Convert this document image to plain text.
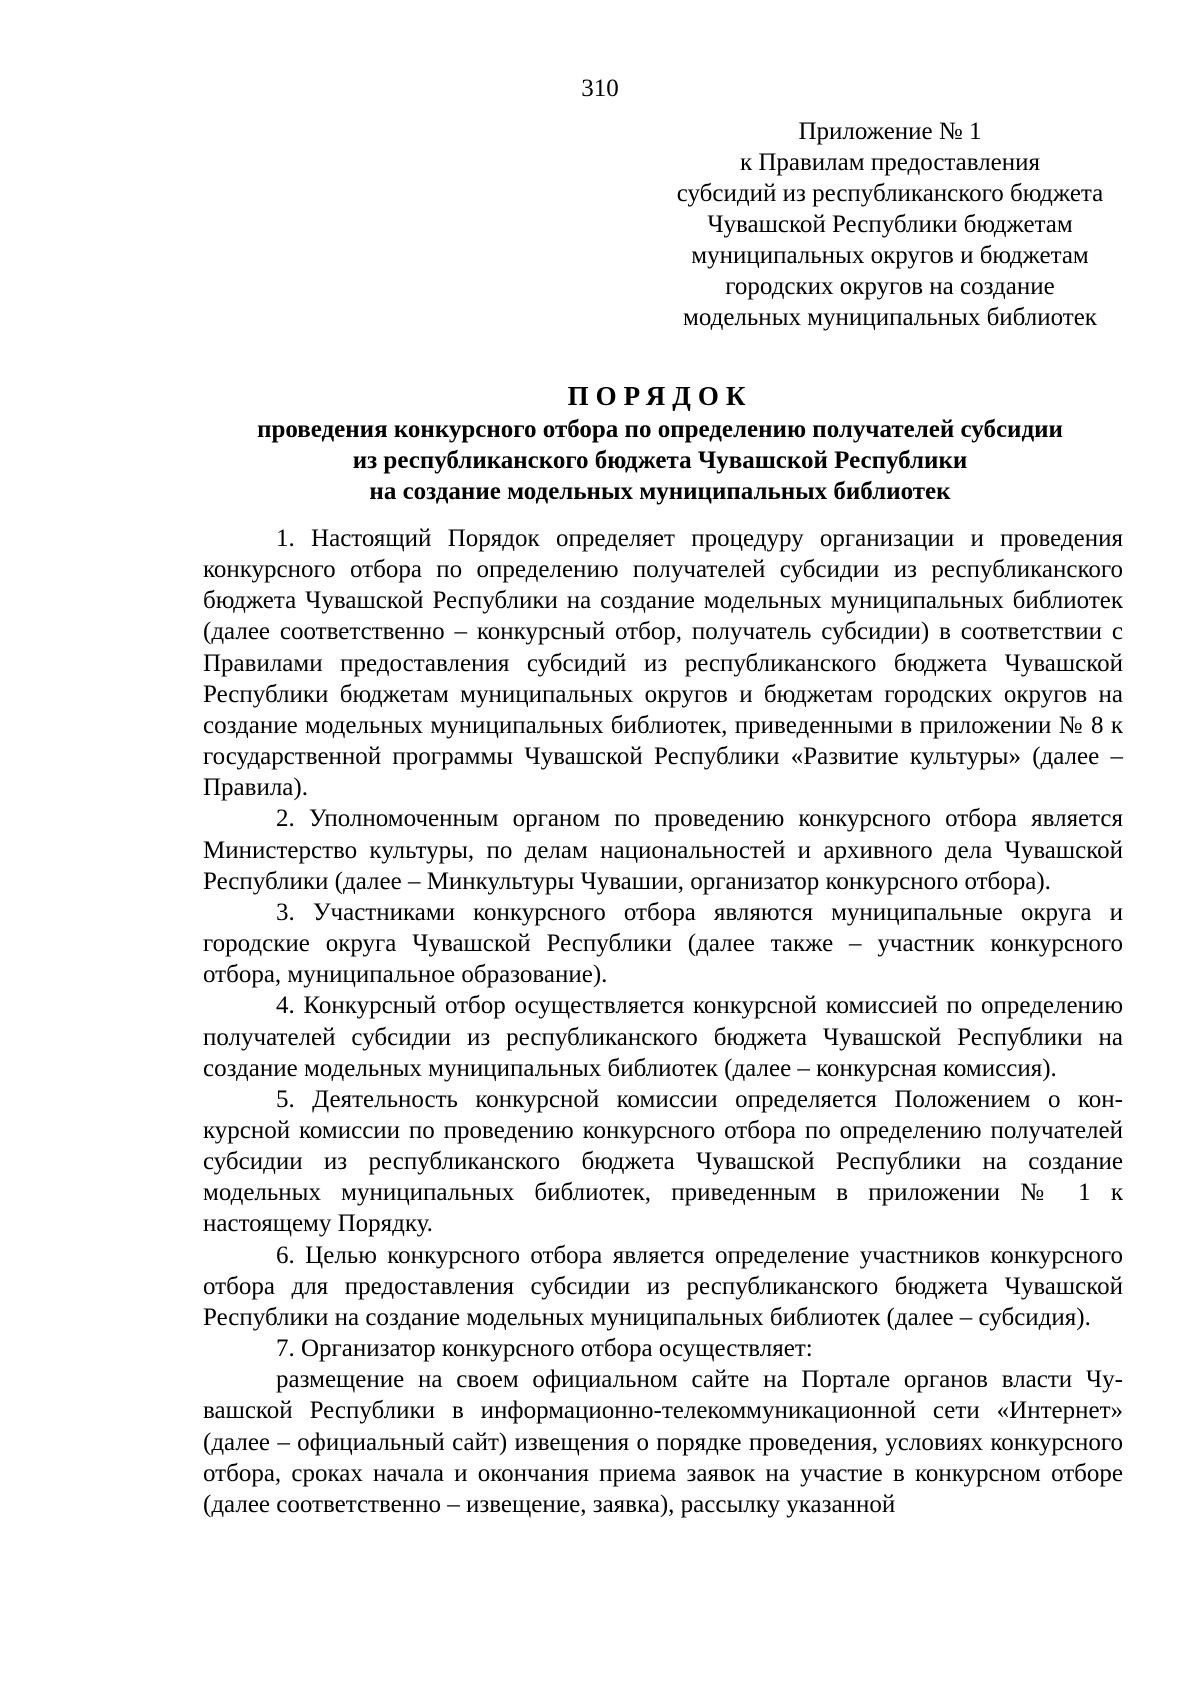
310
Приложение № 1
к Правилам предоставления
субсидий из республиканского бюджета
Чувашской Республики бюджетам
муниципальных округов и бюджетам
городских округов на создание
модельных муниципальных библиотек
ПОРЯДОК
проведения конкурсного отбора по определению получателей субсидии
из республиканского бюджета Чувашской Республики
на создание модельных муниципальных библиотек

1. Настоящий Порядок определяет процедуру организации и проведения конкурсного отбора по определению получателей субсидии из республиканского бюджета Чувашской Республики на создание модельных муниципальных библиотек (далее соответственно – конкурсный отбор, получатель субсидии) в соответствии с Правилами предоставления субсидий из республиканского бюджета Чувашской Республики бюджетам муниципальных округов и бюджетам городских округов на создание модельных муниципальных библиотек, приведенными в приложении № 8 к государственной программы Чувашской Республики «Развитие культуры» (далее – Правила).

2. Уполномоченным органом по проведению конкурсного отбора является Министерство культуры, по делам национальностей и архивного дела Чувашской Республики (далее – Минкультуры Чувашии, организатор конкурсного отбора).

3. Участниками конкурсного отбора являются муниципальные округа и городские округа Чувашской Республики (далее также – участник конкурсного отбора, муниципальное образование).

4. Конкурсный отбор осуществляется конкурсной комиссией по определению получателей субсидии из республиканского бюджета Чувашской Республики на создание модельных муниципальных библиотек (далее – конкурсная комиссия).

5. Деятельность конкурсной комиссии определяется Положением о конкурсной комиссии по проведению конкурсного отбора по определению получателей субсидии из республиканского бюджета Чувашской Республики на создание модельных муниципальных библиотек, приведенным в приложении № 1 к настоящему Порядку.

6. Целью конкурсного отбора является определение участников конкурсного отбора для предоставления субсидии из республиканского бюджета Чувашской Республики на создание модельных муниципальных библиотек (далее – субсидия).

7. Организатор конкурсного отбора осуществляет:

размещение на своем официальном сайте на Портале органов власти Чувашской Республики в информационно-телекоммуникационной сети «Интернет» (далее – официальный сайт) извещения о порядке проведения, условиях конкурсного отбора, сроках начала и окончания приема заявок на участие в конкурсном отборе (далее соответственно – извещение, заявка), рассылку указанной
